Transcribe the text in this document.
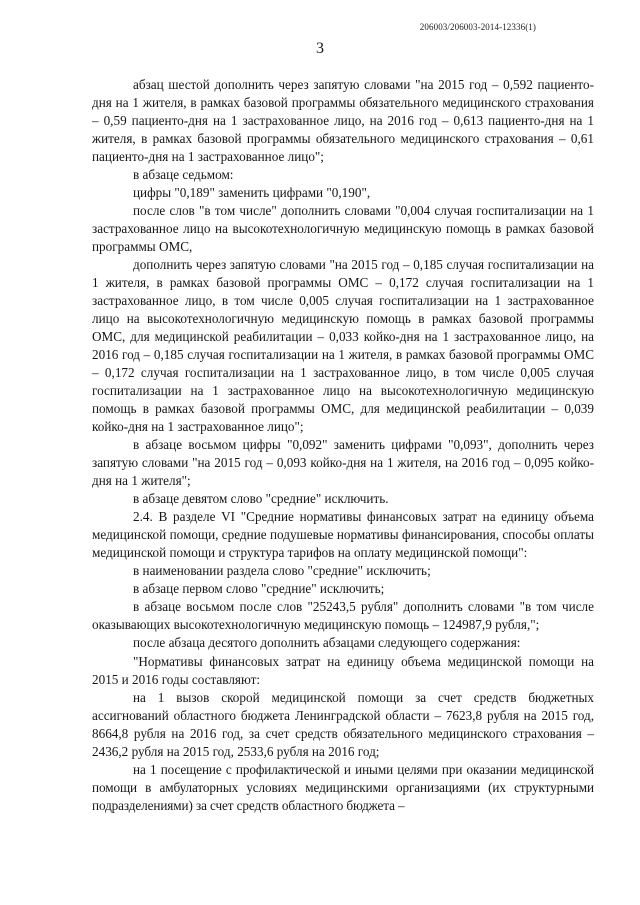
206003/206003-2014-12336(1)
3

абзац шестой дополнить через запятую словами "на 2015 год – 0,592 пациенто-дня на 1 жителя, в рамках базовой программы обязательного медицинского страхования – 0,59 пациенто-дня на 1 застрахованное лицо, на 2016 год – 0,613 пациенто-дня на 1 жителя, в рамках базовой программы обязательного медицинского страхования – 0,61 пациенто-дня на 1 застрахованное лицо";

в абзаце седьмом:

цифры "0,189" заменить цифрами "0,190",

после слов "в том числе" дополнить словами "0,004 случая госпитализации на 1 застрахованное лицо на высокотехнологичную медицинскую помощь в рамках базовой программы ОМС,

дополнить через запятую словами "на 2015 год – 0,185 случая госпитализации на 1 жителя, в рамках базовой программы ОМС – 0,172 случая госпитализации на 1 застрахованное лицо, в том числе 0,005 случая госпитализации на 1 застрахованное лицо на высокотехнологичную медицинскую помощь в рамках базовой программы ОМС, для медицинской реабилитации – 0,033 койко-дня на 1 застрахованное лицо, на 2016 год – 0,185 случая госпитализации на 1 жителя, в рамках базовой программы ОМС – 0,172 случая госпитализации на 1 застрахованное лицо, в том числе 0,005 случая госпитализации на 1 застрахованное лицо на высокотехнологичную медицинскую помощь в рамках базовой программы ОМС, для медицинской реабилитации – 0,039 койко-дня на 1 застрахованное лицо";

в абзаце восьмом цифры "0,092" заменить цифрами "0,093", дополнить через запятую словами "на 2015 год – 0,093 койко-дня на 1 жителя, на 2016 год – 0,095 койко-дня на 1 жителя";

в абзаце девятом слово "средние" исключить.

2.4. В разделе VI "Средние нормативы финансовых затрат на единицу объема медицинской помощи, средние подушевые нормативы финансирования, способы оплаты медицинской помощи и структура тарифов на оплату медицинской помощи":

в наименовании раздела слово "средние" исключить;

в абзаце первом слово "средние" исключить;

в абзаце восьмом после слов "25243,5 рубля" дополнить словами "в том числе оказывающих высокотехнологичную медицинскую помощь – 124987,9 рубля,";

после абзаца десятого дополнить абзацами следующего содержания:

"Нормативы финансовых затрат на единицу объема медицинской помощи на 2015 и 2016 годы составляют:

на 1 вызов скорой медицинской помощи за счет средств бюджетных ассигнований областного бюджета Ленинградской области – 7623,8 рубля на 2015 год, 8664,8 рубля на 2016 год, за счет средств обязательного медицинского страхования – 2436,2 рубля на 2015 год, 2533,6 рубля на 2016 год;

на 1 посещение с профилактической и иными целями при оказании медицинской помощи в амбулаторных условиях медицинскими организациями (их структурными подразделениями) за счет средств областного бюджета –
